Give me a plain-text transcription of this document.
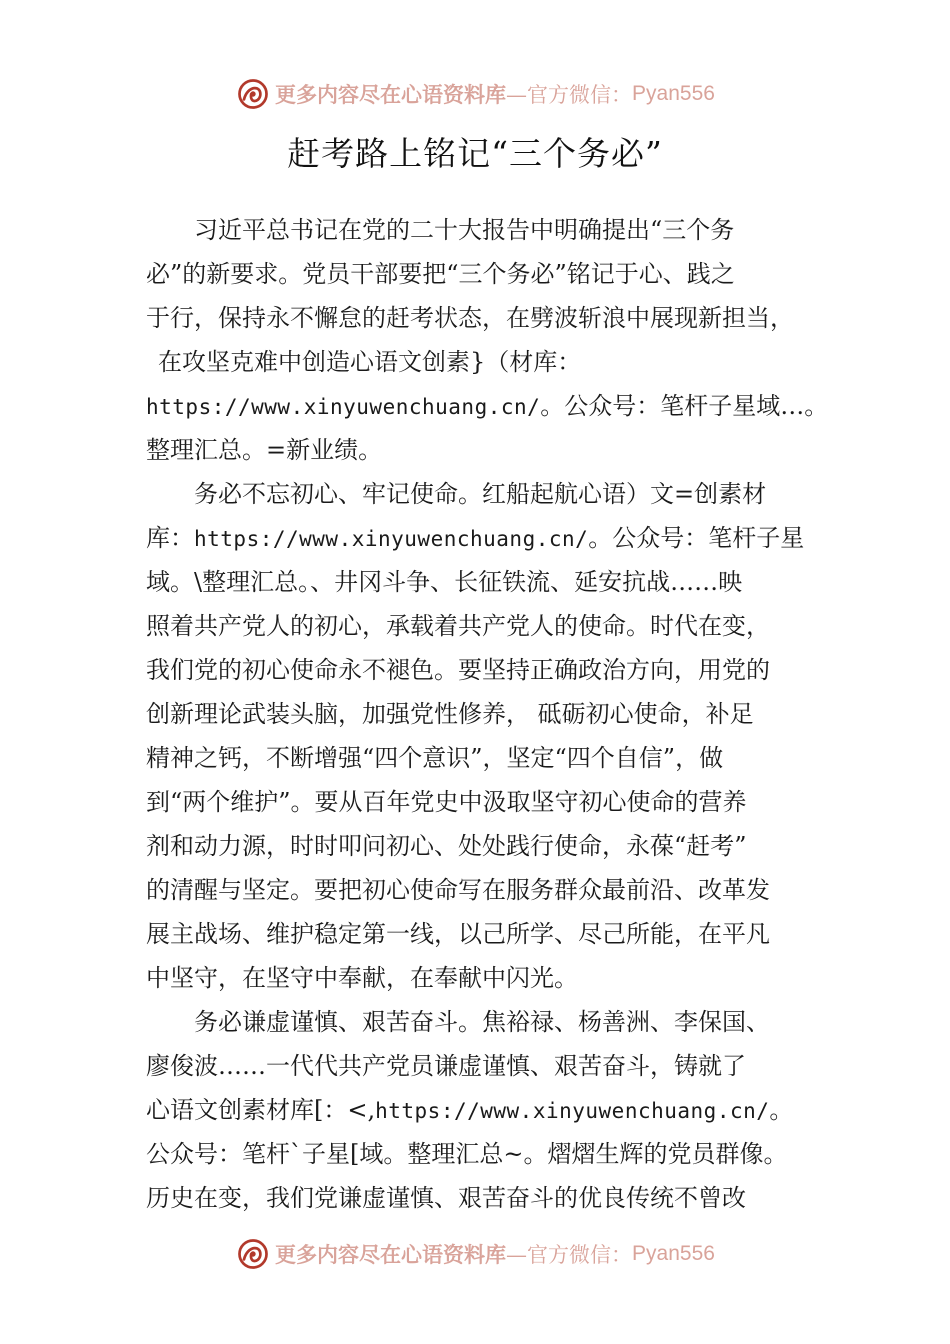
更多内容尽在心语资料库 —官方微信： Pyan556
赶考路上铭记“三个务必”
习近平总书记在党的二十大报告中明确提出“三个务
必”的新要求。党员干部要把“三个务必”铭记于心、践之
于行，保持永不懈怠的赶考状态，在劈波斩浪中展现新担当，
在攻坚克难中创造心语文创素}（材库：
https://www.xinyuwenchuang.cn/。公众号：笔杆子星域…。
整理汇总。=新业绩。
务必不忘初心、牢记使命。红船起航心语）文=创素材
库：https://www.xinyuwenchuang.cn/。公众号：笔杆子星
域。\整理汇总。、井冈斗争、长征铁流、延安抗战……映
照着共产党人的初心，承载着共产党人的使命。时代在变，
我们党的初心使命永不褪色。要坚持正确政治方向，用党的
创新理论武装头脑，加强党性修养， 砥砺初心使命，补足
精神之钙，不断增强“四个意识”，坚定“四个自信”，做
到“两个维护”。要从百年党史中汲取坚守初心使命的营养
剂和动力源，时时叩问初心、处处践行使命，永葆“赶考”
的清醒与坚定。要把初心使命写在服务群众最前沿、改革发
展主战场、维护稳定第一线，以己所学、尽己所能，在平凡
中坚守，在坚守中奉献，在奉献中闪光。
务必谦虚谨慎、艰苦奋斗。焦裕禄、杨善洲、李保国、
廖俊波……一代代共产党员谦虚谨慎、艰苦奋斗，铸就了
心语文创素材库[：<,https://www.xinyuwenchuang.cn/。
公众号：笔杆`子星[域。整理汇总~。熠熠生辉的党员群像。
历史在变，我们党谦虚谨慎、艰苦奋斗的优良传统不曾改
更多内容尽在心语资料库 —官方微信： Pyan556
